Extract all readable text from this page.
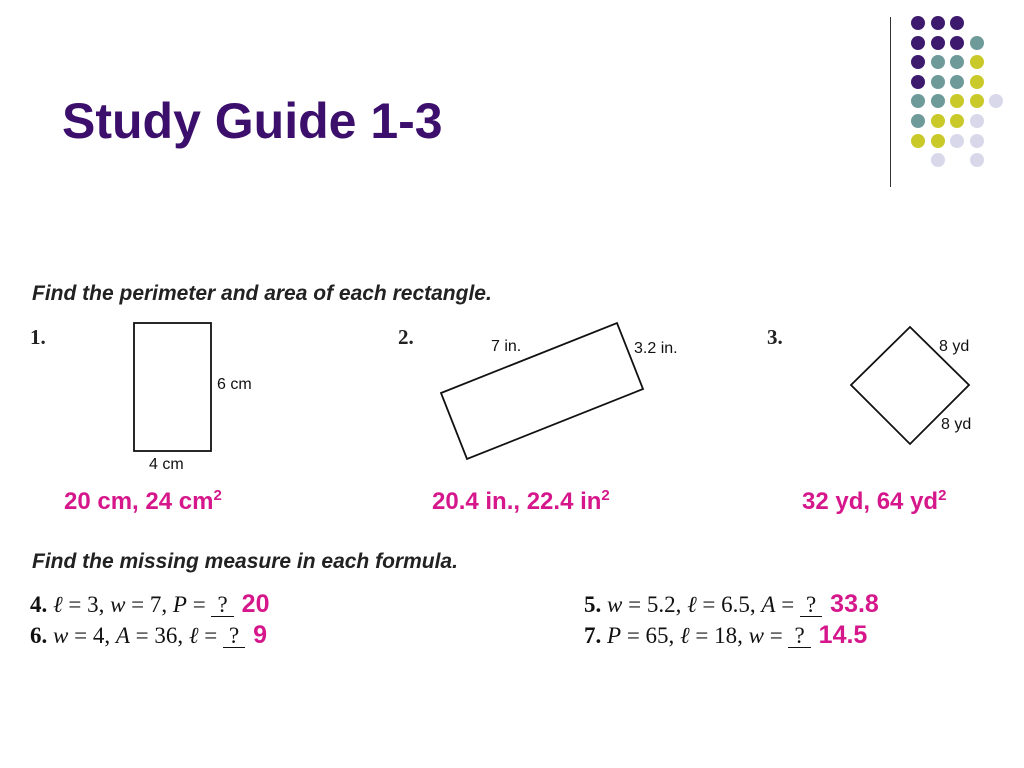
Study Guide 1-3
Find the perimeter and area of each rectangle.
1.	2.	3.
6 cm
4 cm
7 in.	3.2 in.	8 yd
8 yd
20 cm, 24 $cm^2$	20.4 in., 22.4 $in^2$	32 yd, 64 $yd^2$
Find the missing measure in each formula.
4. ℓ = 3, w = 7, P = ? 20
6. w = 4, A = 36, ℓ = ? 9
5. w = 5.2, ℓ = 6.5, A = ? 33.8
7. P = 65, ℓ = 18, w = ? 14.5
